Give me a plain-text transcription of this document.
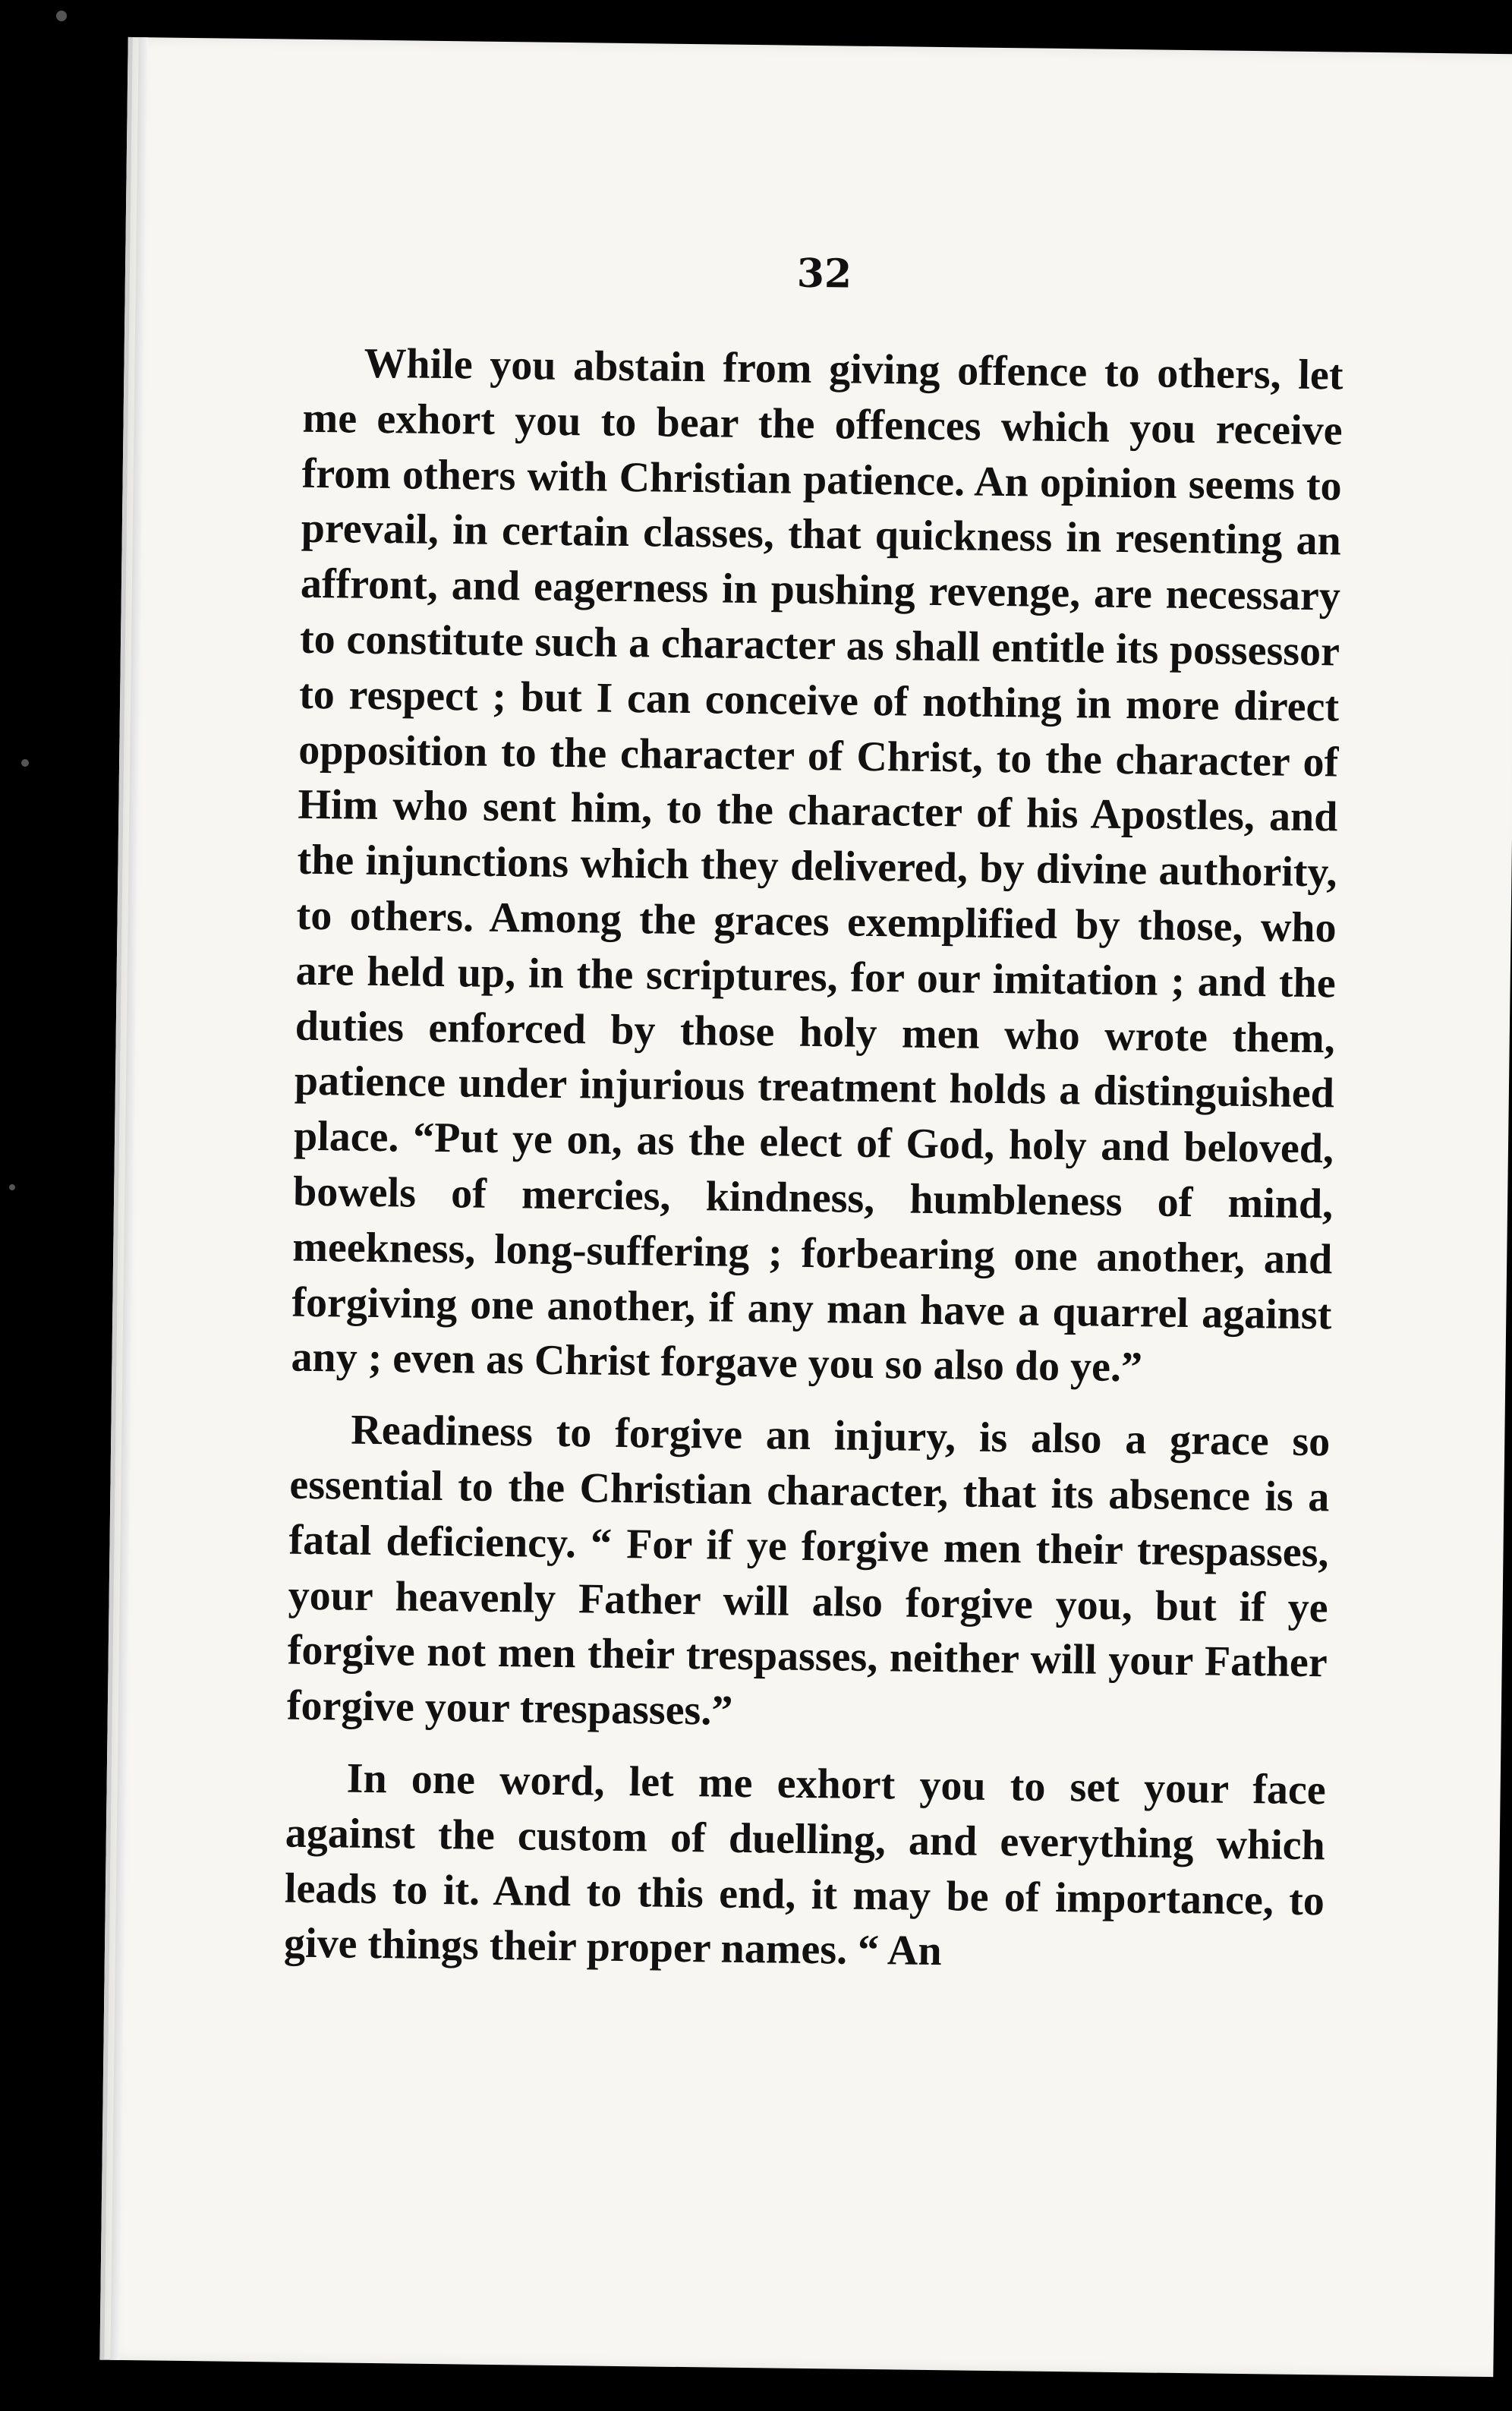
32

While you abstain from giving offence to others, let me exhort you to bear the offences which you receive from others with Christian patience. An opinion seems to prevail, in certain classes, that quickness in resenting an affront, and eagerness in pushing revenge, are necessary to constitute such a character as shall entitle its possessor to respect ; but I can conceive of nothing in more direct opposition to the character of Christ, to the character of Him who sent him, to the character of his Apostles, and the injunctions which they delivered, by divine authority, to others. Among the graces exemplified by those, who are held up, in the scriptures, for our imitation ; and the duties enforced by those holy men who wrote them, patience under injurious treatment holds a distinguished place. “Put ye on, as the elect of God, holy and beloved, bowels of mercies, kindness, humbleness of mind, meekness, long-suffering ; forbearing one another, and forgiving one another, if any man have a quarrel against any ; even as Christ forgave you so also do ye.”

Readiness to forgive an injury, is also a grace so essential to the Christian character, that its absence is a fatal deficiency. “ For if ye forgive men their trespasses, your heavenly Father will also forgive you, but if ye forgive not men their trespasses, neither will your Father forgive your trespasses.”

In one word, let me exhort you to set your face against the custom of duelling, and everything which leads to it. And to this end, it may be of importance, to give things their proper names. “ An
